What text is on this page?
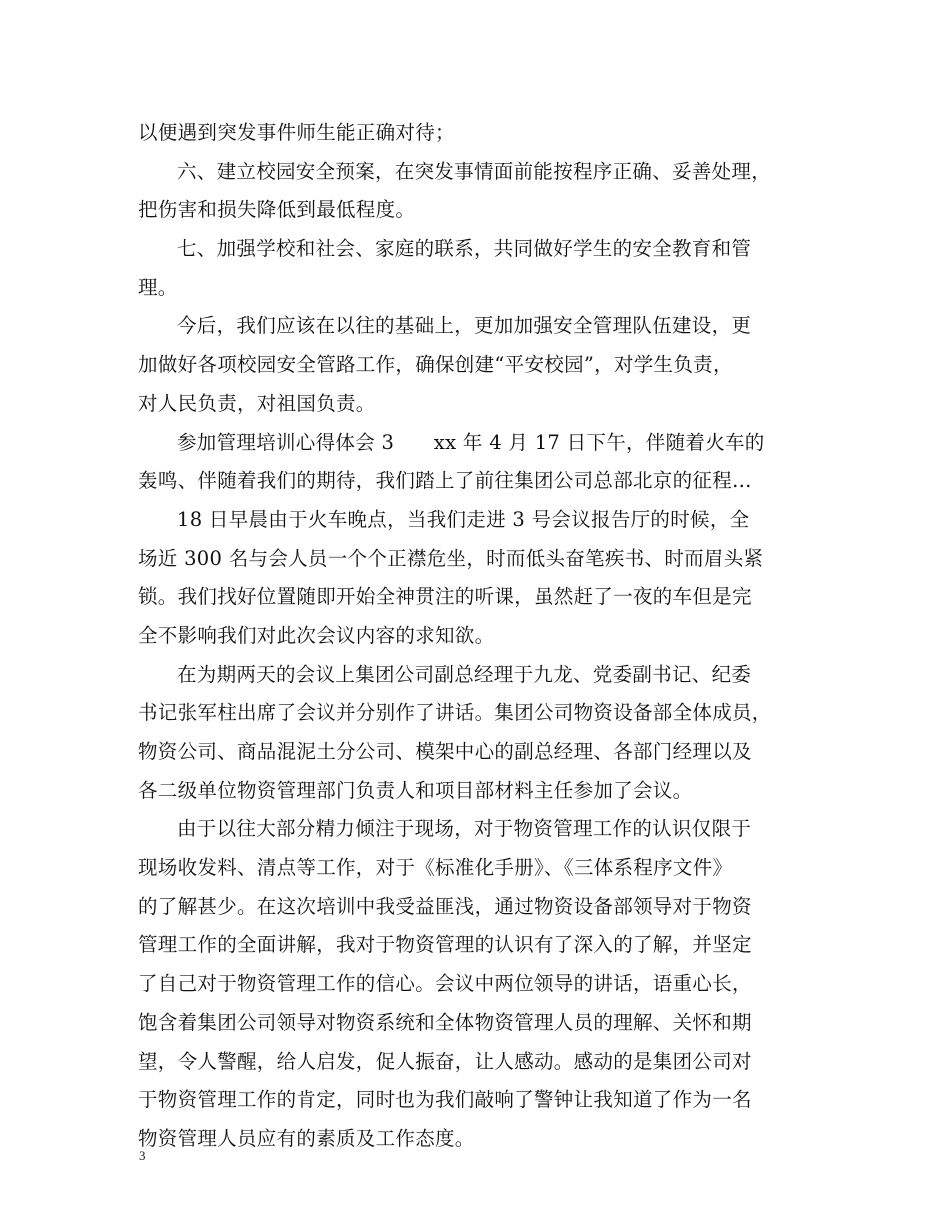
以便遇到突发事件师生能正确对待；
六、建立校园安全预案，在突发事情面前能按程序正确、妥善处理，
把伤害和损失降低到最低程度。
七、加强学校和社会、家庭的联系，共同做好学生的安全教育和管
理。
今后，我们应该在以往的基础上，更加加强安全管理队伍建设，更
加做好各项校园安全管路工作，确保创建“平安校园”，对学生负责，
对人民负责，对祖国负责。
参加管理培训心得体会 3　　xx 年 4 月 17 日下午，伴随着火车的
轰鸣、伴随着我们的期待，我们踏上了前往集团公司总部北京的征程…
18 日早晨由于火车晚点，当我们走进 3 号会议报告厅的时候，全
场近 300 名与会人员一个个正襟危坐，时而低头奋笔疾书、时而眉头紧
锁。我们找好位置随即开始全神贯注的听课，虽然赶了一夜的车但是完
全不影响我们对此次会议内容的求知欲。
在为期两天的会议上集团公司副总经理于九龙、党委副书记、纪委
书记张军柱出席了会议并分别作了讲话。集团公司物资设备部全体成员，
物资公司、商品混泥土分公司、模架中心的副总经理、各部门经理以及
各二级单位物资管理部门负责人和项目部材料主任参加了会议。
由于以往大部分精力倾注于现场，对于物资管理工作的认识仅限于
现场收发料、清点等工作，对于《标准化手册》、《三体系程序文件》
的了解甚少。在这次培训中我受益匪浅，通过物资设备部领导对于物资
管理工作的全面讲解，我对于物资管理的认识有了深入的了解，并坚定
了自己对于物资管理工作的信心。会议中两位领导的讲话，语重心长，
饱含着集团公司领导对物资系统和全体物资管理人员的理解、关怀和期
望，令人警醒，给人启发，促人振奋，让人感动。感动的是集团公司对
于物资管理工作的肯定，同时也为我们敲响了警钟让我知道了作为一名
物资管理人员应有的素质及工作态度。
3
